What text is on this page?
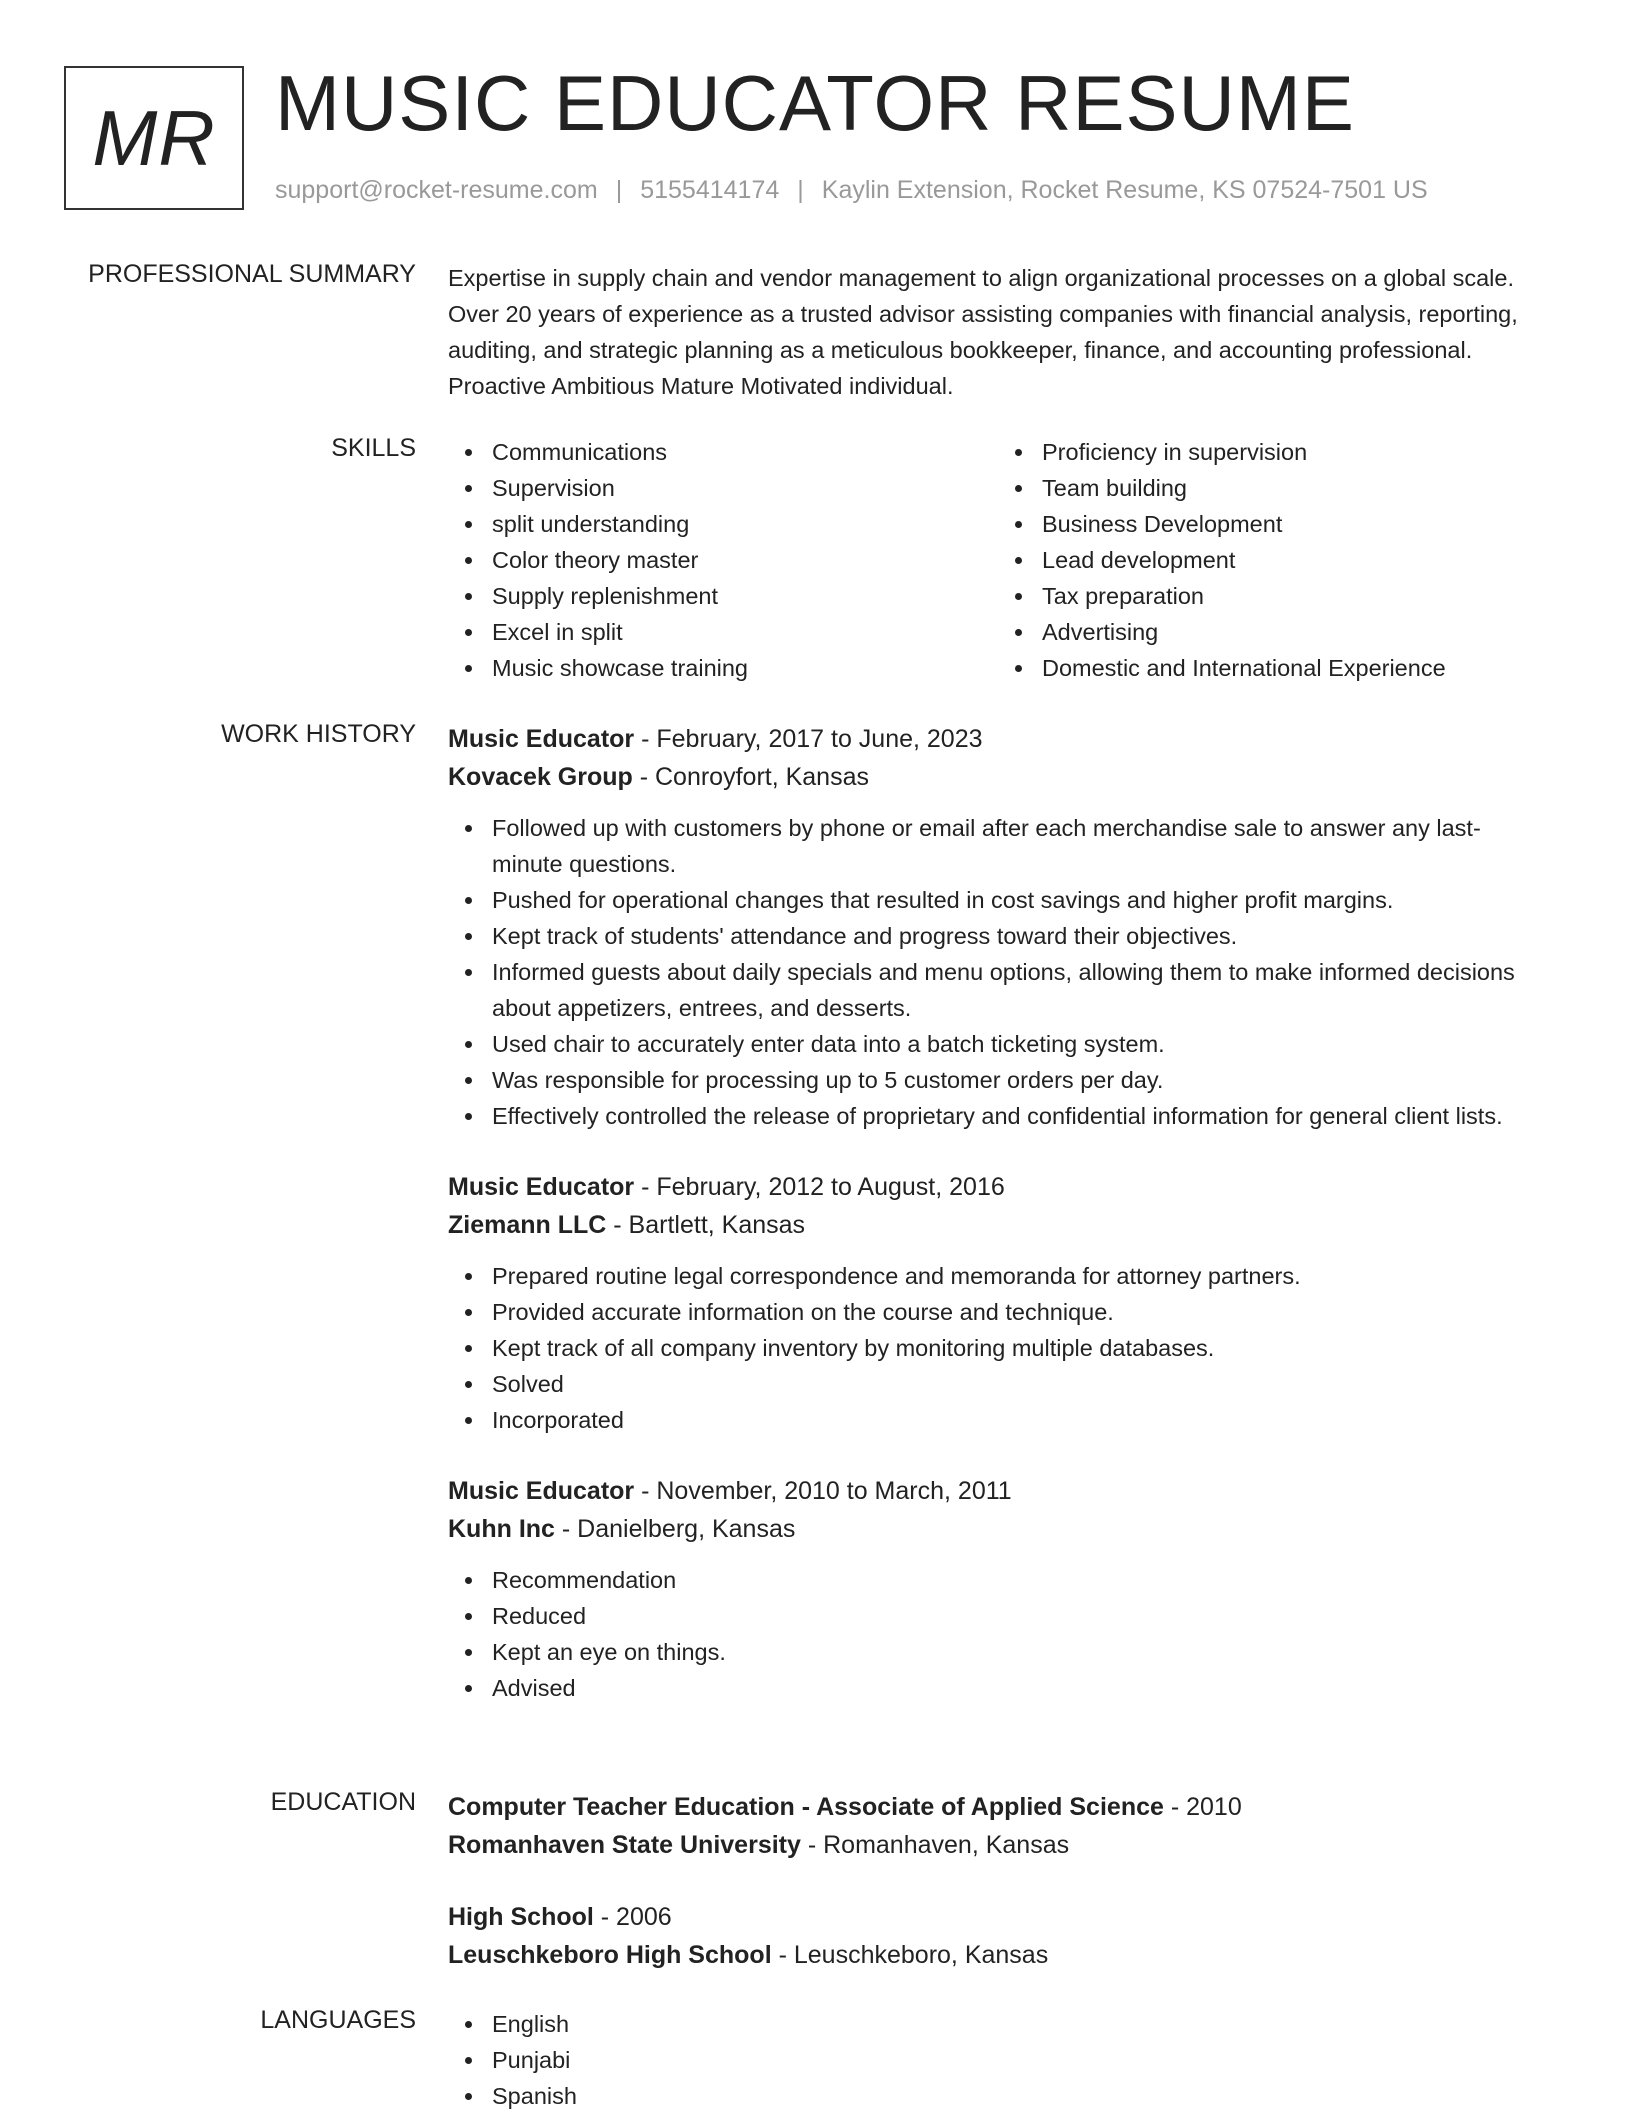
MR MUSIC EDUCATOR RESUME
support@rocket-resume.com | 5155414174 | Kaylin Extension, Rocket Resume, KS 07524-7501 US
PROFESSIONAL SUMMARY Expertise in supply chain and vendor management to align organizational processes on a global scale. Over 20 years of experience as a trusted advisor assisting companies with financial analysis, reporting, auditing, and strategic planning as a meticulous bookkeeper, finance, and accounting professional. Proactive Ambitious Mature Motivated individual.
SKILLS	Communications
Supervision
split understanding
Color theory master
Supply replenishment
Excel in split
Music showcase training
Proficiency in supervision
Team building
Business Development
Lead development
Tax preparation
Advertising
Domestic and International Experience
WORK HISTORY Music Educator - February, 2017 to June, 2023
Kovacek Group - Conroyfort, Kansas
Followed up with customers by phone or email after each merchandise sale to answer any last-minute questions.
Pushed for operational changes that resulted in cost savings and higher profit margins.
Kept track of students' attendance and progress toward their objectives.
Informed guests about daily specials and menu options, allowing them to make informed decisions about appetizers, entrees, and desserts.
Used chair to accurately enter data into a batch ticketing system.
Was responsible for processing up to 5 customer orders per day.
Effectively controlled the release of proprietary and confidential information for general client lists.
Music Educator - February, 2012 to August, 2016
Ziemann LLC - Bartlett, Kansas
Prepared routine legal correspondence and memoranda for attorney partners.
Provided accurate information on the course and technique.
Kept track of all company inventory by monitoring multiple databases.
Solved
Incorporated
Music Educator - November, 2010 to March, 2011
Kuhn Inc - Danielberg, Kansas
Recommendation
Reduced
Kept an eye on things.
Advised
EDUCATION Computer Teacher Education - Associate of Applied Science - 2010
Romanhaven State University - Romanhaven, Kansas
High School - 2006
Leuschkeboro High School - Leuschkeboro, Kansas
LANGUAGES	English
Punjabi
Spanish
